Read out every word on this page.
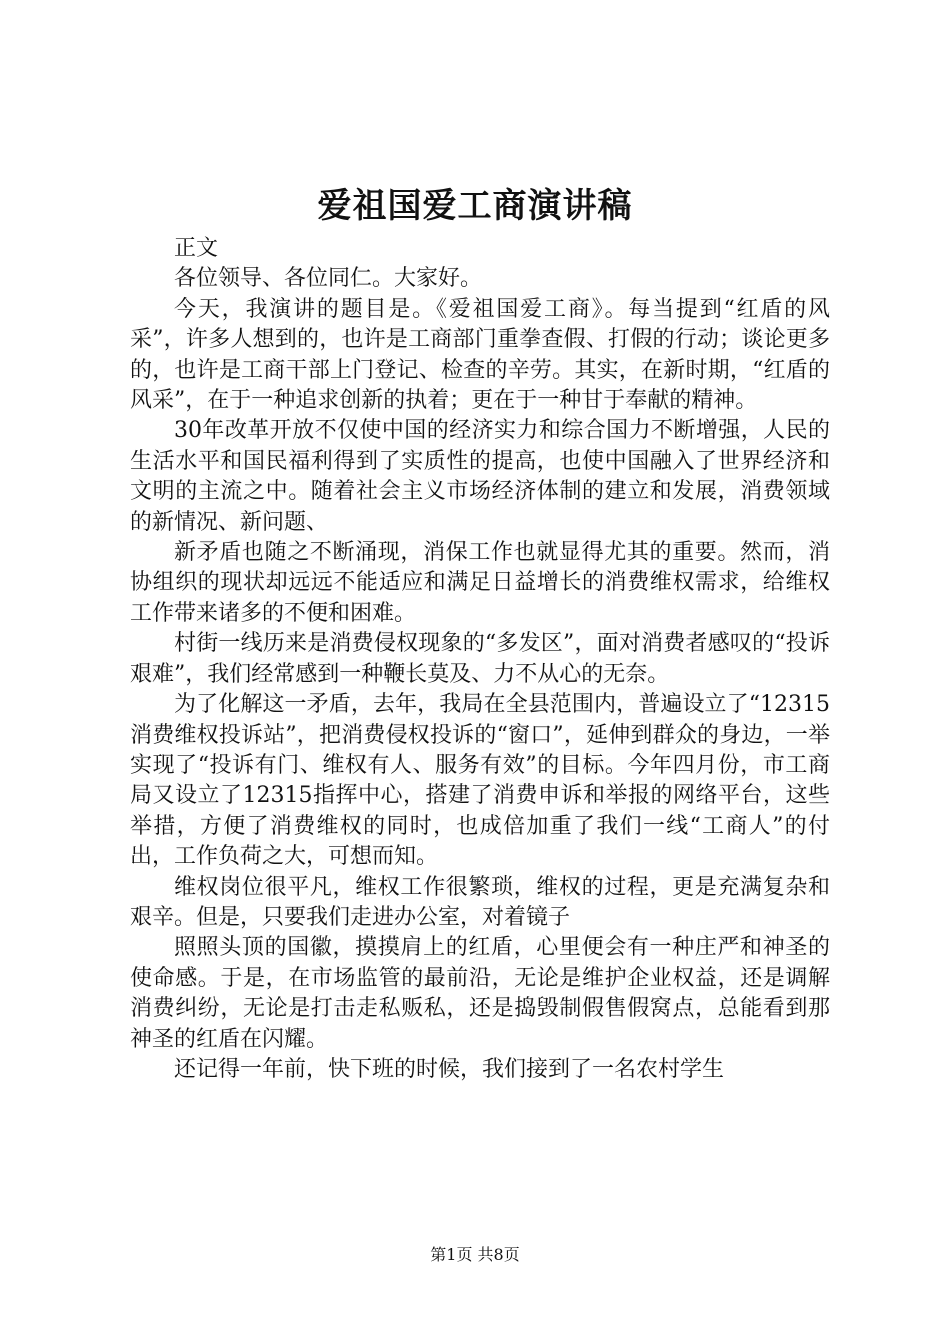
爱祖国爱工商演讲稿

正文

各位领导、各位同仁。大家好。

今天，我演讲的题目是。《爱祖国爱工商》。每当提到“红盾的风采”，许多人想到的，也许是工商部门重拳查假、打假的行动；谈论更多的，也许是工商干部上门登记、检查的辛劳。其实，在新时期，“红盾的风采”，在于一种追求创新的执着；更在于一种甘于奉献的精神。

30年改革开放不仅使中国的经济实力和综合国力不断增强，人民的生活水平和国民福利得到了实质性的提高，也使中国融入了世界经济和文明的主流之中。随着社会主义市场经济体制的建立和发展，消费领域的新情况、新问题、

新矛盾也随之不断涌现，消保工作也就显得尤其的重要。然而，消协组织的现状却远远不能适应和满足日益增长的消费维权需求，给维权工作带来诸多的不便和困难。

村街一线历来是消费侵权现象的“多发区”，面对消费者感叹的“投诉艰难”，我们经常感到一种鞭长莫及、力不从心的无奈。

为了化解这一矛盾，去年，我局在全县范围内，普遍设立了“12315消费维权投诉站”，把消费侵权投诉的“窗口”，延伸到群众的身边，一举实现了“投诉有门、维权有人、服务有效”的目标。今年四月份，市工商局又设立了12315指挥中心，搭建了消费申诉和举报的网络平台，这些举措，方便了消费维权的同时，也成倍加重了我们一线“工商人”的付出，工作负荷之大，可想而知。

维权岗位很平凡，维权工作很繁琐，维权的过程，更是充满复杂和艰辛。但是，只要我们走进办公室，对着镜子

照照头顶的国徽，摸摸肩上的红盾，心里便会有一种庄严和神圣的使命感。于是，在市场监管的最前沿，无论是维护企业权益，还是调解消费纠纷，无论是打击走私贩私，还是捣毁制假售假窝点，总能看到那神圣的红盾在闪耀。

还记得一年前，快下班的时候，我们接到了一名农村学生

第1页 共8页
